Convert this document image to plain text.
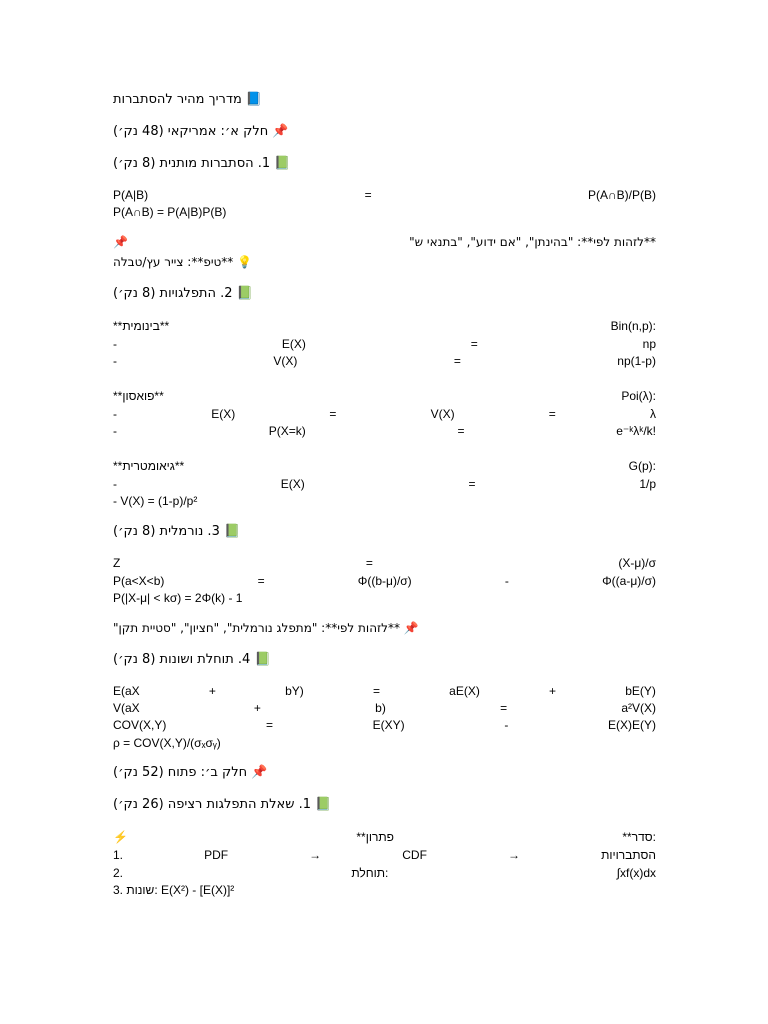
📘 מדריך מהיר להסתברות
📌 חלק א׳: אמריקאי (48 נק׳)
📗 1. הסתברות מותנית (8 נק׳)
P(A|B)	=	P(A∩B)/P(B)
P(A∩B) = P(A|B)P(B)
📌	**לזהות לפי**: "בהינתן", "אם ידוע", "בתנאי ש"
💡 **טיפ**: צייר עץ/טבלה
📗 2. התפלגויות (8 נק׳)
**בינומית**	Bin(n,p):
-	E(X)	=	np
-	V(X)	=	np(1-p)
**פואסון**	Poi(λ):
-	E(X)	=	V(X)	=	λ
-	P(X=k)	=	e⁻ᵏλᵏ/k!
**גיאומטרית**	G(p):
-	E(X)	=	1/p
- V(X) = (1-p)/p²
📗 3. נורמלית (8 נק׳)
Z	=	(X-μ)/σ
P(a<X<b)	=	Φ((b-μ)/σ)	-	Φ((a-μ)/σ)
P(|X-μ| < kσ) = 2Φ(k) - 1
📌 **לזהות לפי**: "מתפלג נורמלית", "חציון", "סטיית תקן"
📗 4. תוחלת ושונות (8 נק׳)
E(aX	+	bY)	=	aE(X)	+	bE(Y)
V(aX	+	b)	=	a²V(X)
COV(X,Y)	=	E(XY)	-	E(X)E(Y)
ρ = COV(X,Y)/(σₓσᵧ)
📌 חלק ב׳: פתוח (52 נק׳)
📗 1. שאלת התפלגות רציפה (26 נק׳)
⚡	**פתרון	**סדר:
1.	PDF	→	CDF	→	הסתברויות
2.	תוחלת:	∫xf(x)dx
3. שונות: E(X²) - [E(X)]²
